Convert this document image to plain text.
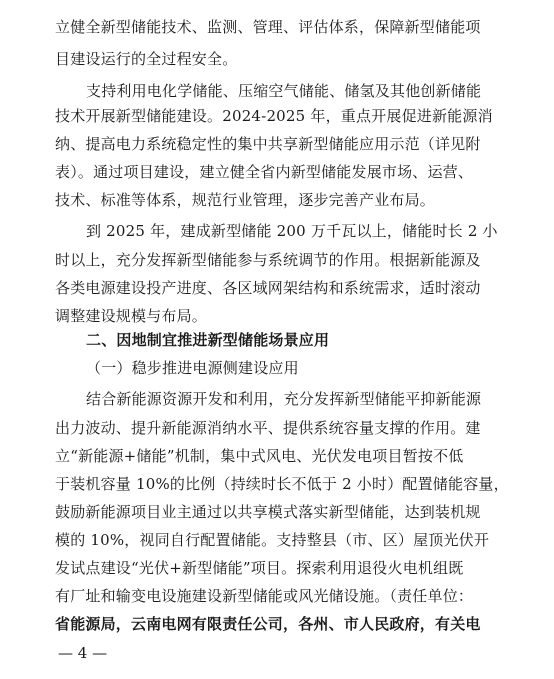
立健全新型储能技术、监测、管理、评估体系，保障新型储能项
目建设运行的全过程安全。
支持利用电化学储能、压缩空气储能、储氢及其他创新储能
技术开展新型储能建设。2024-2025 年，重点开展促进新能源消
纳、提高电力系统稳定性的集中共享新型储能应用示范（详见附
表）。通过项目建设，建立健全省内新型储能发展市场、运营、
技术、标准等体系，规范行业管理，逐步完善产业布局。
到 2025 年，建成新型储能 200 万千瓦以上，储能时长 2 小
时以上，充分发挥新型储能参与系统调节的作用。根据新能源及
各类电源建设投产进度、各区域网架结构和系统需求，适时滚动
调整建设规模与布局。
二、因地制宜推进新型储能场景应用
（一）稳步推进电源侧建设应用
结合新能源资源开发和利用，充分发挥新型储能平抑新能源
出力波动、提升新能源消纳水平、提供系统容量支撑的作用。建
立“新能源+储能”机制，集中式风电、光伏发电项目暂按不低
于装机容量 10%的比例（持续时长不低于 2 小时）配置储能容量，
鼓励新能源项目业主通过以共享模式落实新型储能，达到装机规
模的 10%，视同自行配置储能。支持整县（市、区）屋顶光伏开
发试点建设“光伏+新型储能”项目。探索利用退役火电机组既
有厂址和输变电设施建设新型储能或风光储设施。（责任单位：
省能源局，云南电网有限责任公司，各州、市人民政府，有关电
— 4 —
